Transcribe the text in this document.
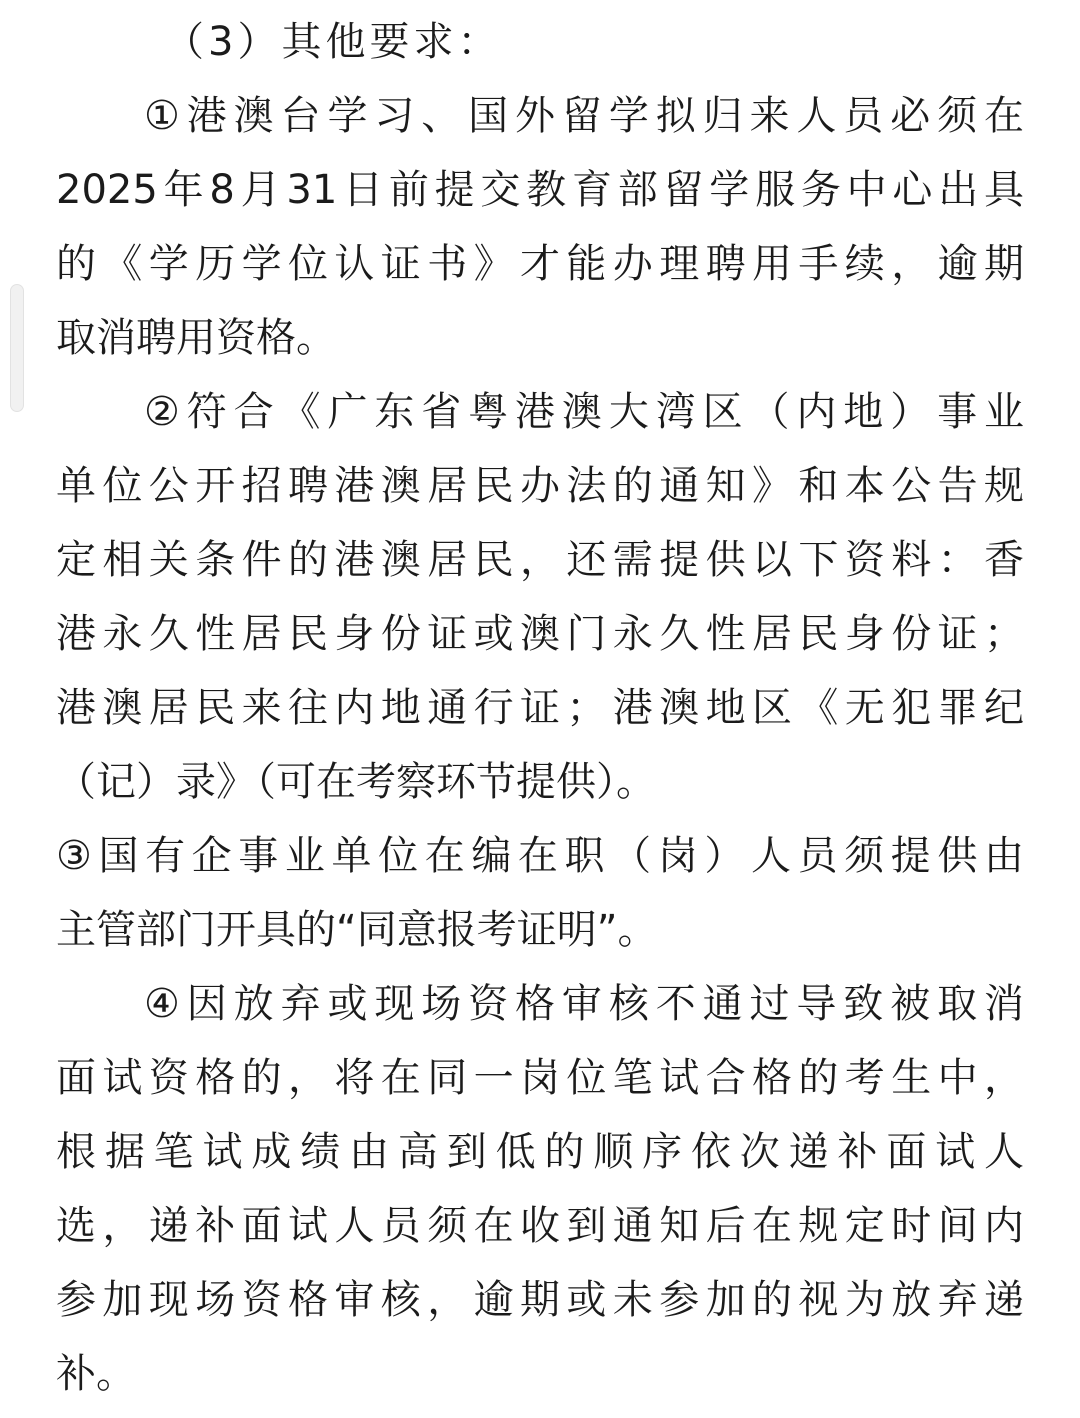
（3）其他要求：
①港澳台学习、国外留学拟归来人员必须在
2025年8月31日前提交教育部留学服务中心出具
的《学历学位认证书》才能办理聘用手续，逾期
取消聘用资格。
②符合《广东省粤港澳大湾区（内地）事业
单位公开招聘港澳居民办法的通知》和本公告规
定相关条件的港澳居民，还需提供以下资料：香
港永久性居民身份证或澳门永久性居民身份证；
港澳居民来往内地通行证；港澳地区《无犯罪纪
（记）录》（可在考察环节提供）。
③国有企事业单位在编在职（岗）人员须提供由
主管部门开具的“同意报考证明”。
④因放弃或现场资格审核不通过导致被取消
面试资格的，将在同一岗位笔试合格的考生中，
根据笔试成绩由高到低的顺序依次递补面试人
选，递补面试人员须在收到通知后在规定时间内
参加现场资格审核，逾期或未参加的视为放弃递
补。
